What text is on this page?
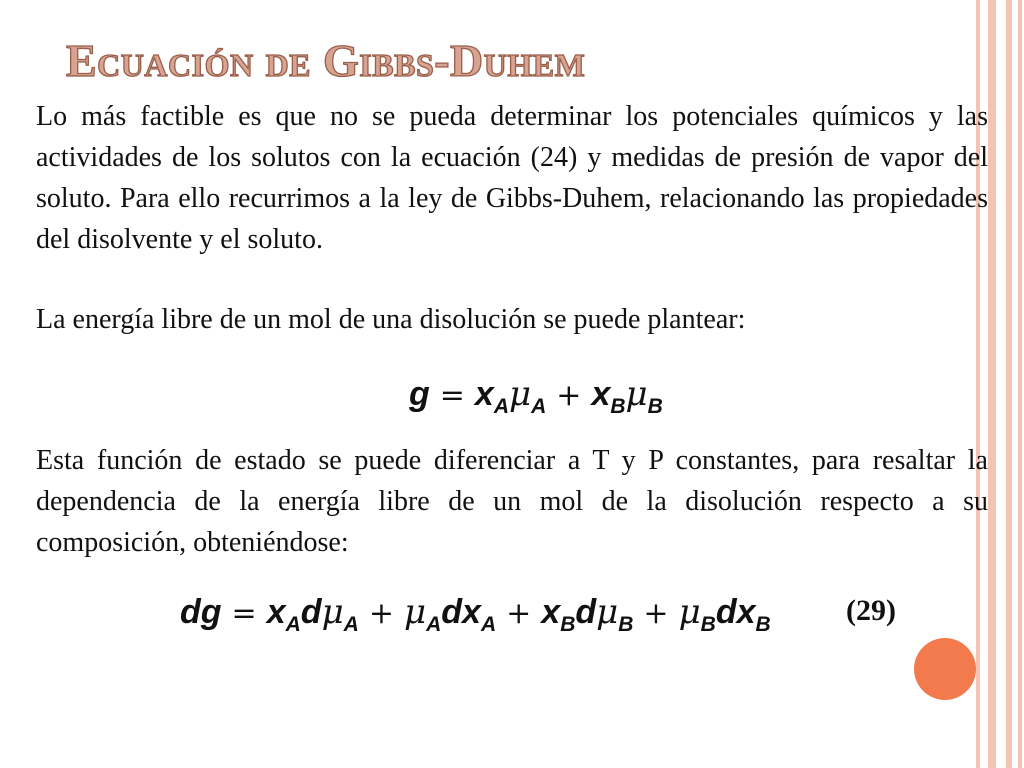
Ecuación de Gibbs-Duhem

Lo más factible es que no se pueda determinar los potenciales químicos y las actividades de los solutos con la ecuación (24) y medidas de presión de vapor del soluto. Para ello recurrimos a la ley de Gibbs-Duhem, relacionando las propiedades del disolvente y el soluto.

La energía libre de un mol de una disolución se puede plantear:

$g = x_A\mu_A + x_B\mu_B$

Esta función de estado se puede diferenciar a T y P constantes, para resaltar la dependencia de la energía libre de un mol de la disolución respecto a su composición, obteniéndose:

dg = $x_Ad\mu_A + \mu_Adx_A + x_Bd\mu_B + \mu_Bdx_B$	(29)
